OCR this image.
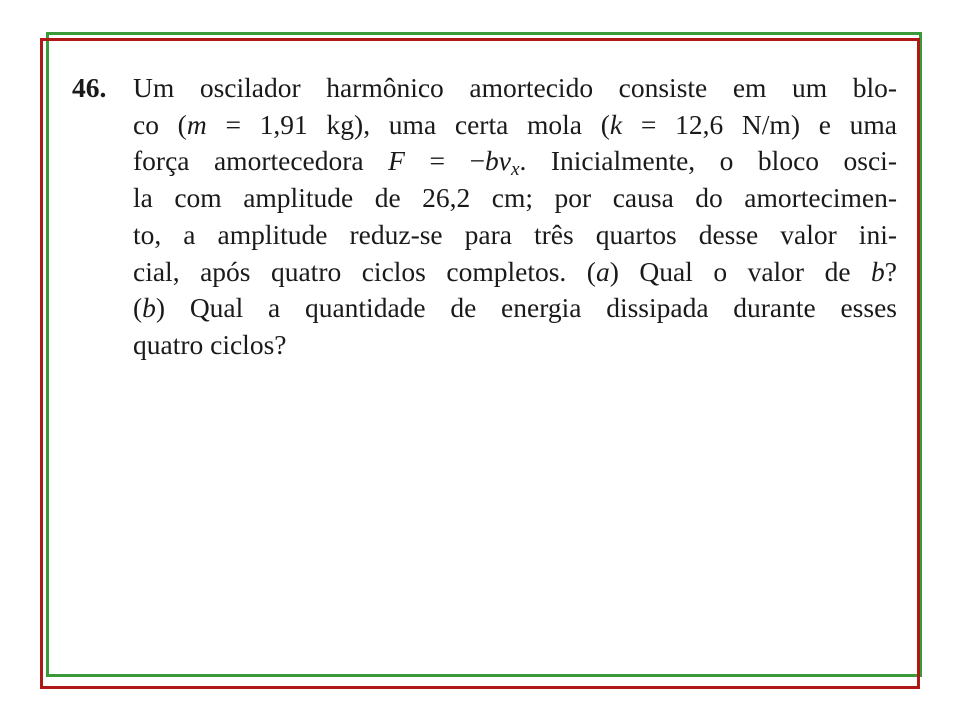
46. Um oscilador harmônico amortecido consiste em um blo-
co (m = 1,91 kg), uma certa mola (k = 12,6 N/m) e uma
força amortecedora $F = -bv_x$. Inicialmente, o bloco osci-
la com amplitude de 26,2 cm; por causa do amortecimen-
to, a amplitude reduz-se para três quartos desse valor ini-
cial, após quatro ciclos completos. (a) Qual o valor de b?
(b) Qual a quantidade de energia dissipada durante esses
quatro ciclos?
